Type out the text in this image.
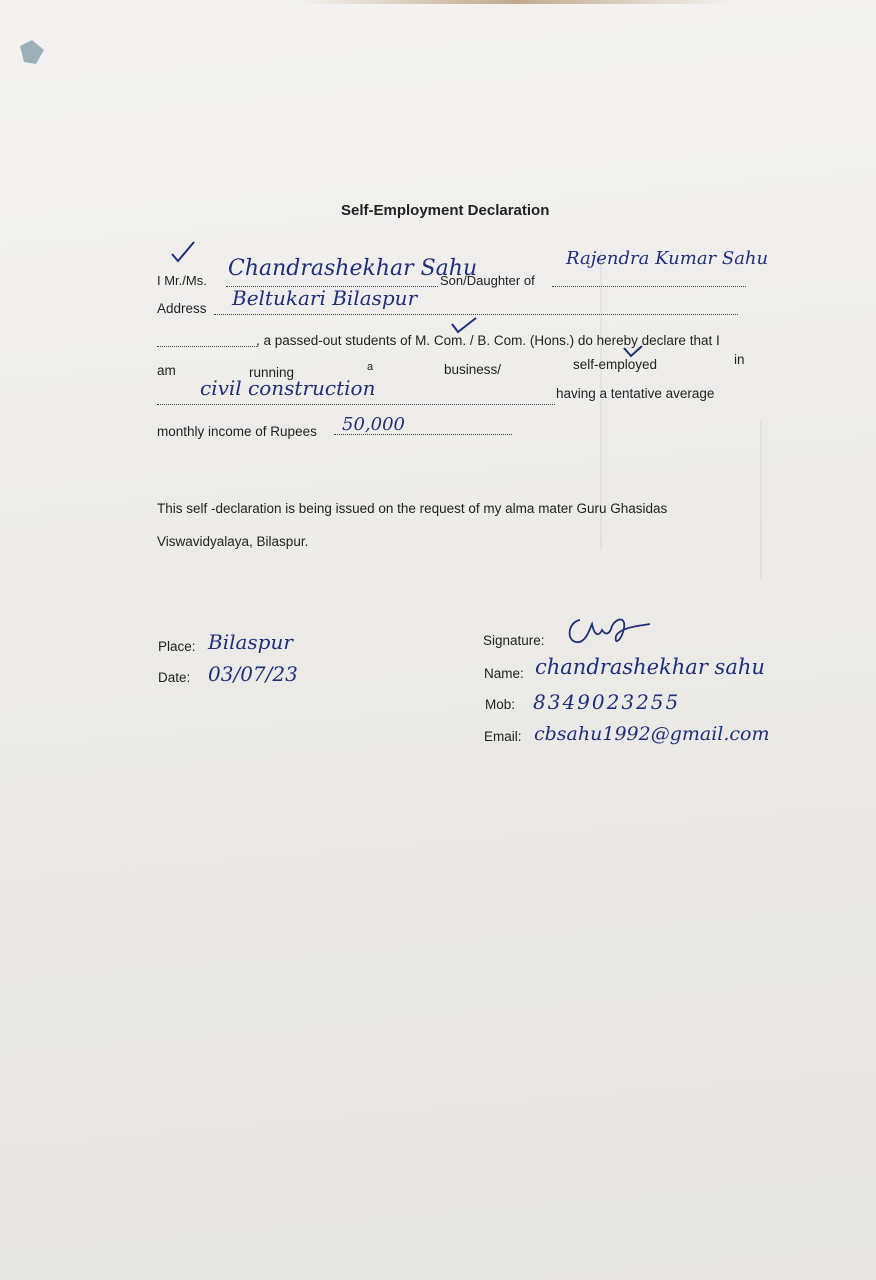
Self-Employment Declaration
I Mr./Ms. Chandrashekhar Sahu
Son/Daughter of
Rajendra Kumar Sahu
Address Beltukari Bilaspur
, a passed-out students of M. Com. / B. Com. (Hons.) do hereby declare that I
am	running	a	business/	self-employed	in
civil construction	having a tentative average
monthly income of Rupees 50,000
This self -declaration is being issued on the request of my alma mater Guru Ghasidas
Viswavidyalaya, Bilaspur.
Place: Bilaspur
Date: 03/07/23
Signature:
Name: chandrashekhar sahu
Mob: 8349023255
Email: cbsahu1992@gmail.com
